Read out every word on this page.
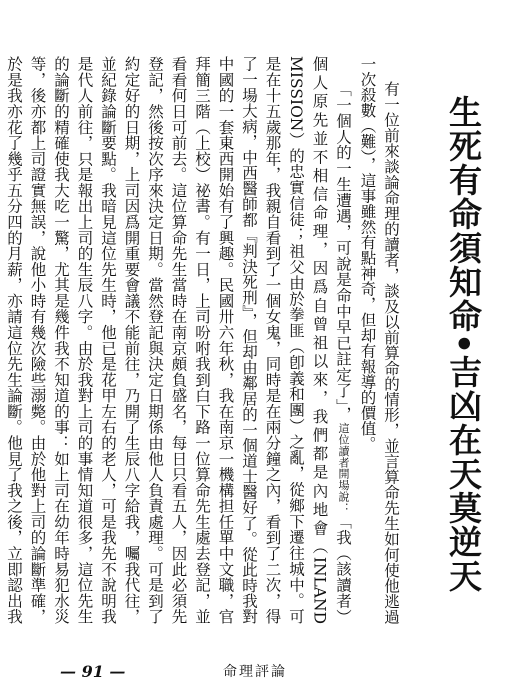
生死有命須知命•吉凶在天莫逆天

有一位前來談論命理的讀者，談及以前算命的情形，並言算命先生如何使他逃過一次殺數（難），這事雖然有點神奇，但却有報導的價值。

「一個人的一生遭遇，可說是命中早已註定了」，這位讀者開場說：「我（該讀者）個人原先並不相信命理，因爲自曾祖以來，我們都是內地會（INLAND MISSION）的忠實信徒；祖父由於拳匪（卽義和團）之亂，從鄉下遷往城中。可是在十五歲那年，我親自看到了一個女鬼，同時是在兩分鐘之內，看到了二次，得了一場大病，中西醫師都『判決死刑』，但却由鄰居的一個道士醫好了。從此時我對中國的一套東西開始有了興趣。民國卅六年秋，我在南京一機構担任單中文職，官拜簡三階（上校）祕書。有一日，上司吩咐我到白下路一位算命先生處去登記，並看看何日可前去。這位算命先生當時在南京頗負盛名，每日只看五人，因此必須先登記，然後按次序來決定日期。當然登記與決定日期係由他人負責處理。可是到了約定好的日期，上司因爲開重要會議不能前往，乃開了生辰八字給我，囑我代往，並紀錄論斷要點。我暗見這位先生時，他已是花甲左右的老人，可是我先不說明我是代人前往，只是報出上司的生辰八字。由於我對上司的事情知道很多，這位先生的論斷的精確使我大吃一驚，尤其是幾件我不知道的事：如上司在幼年時易犯水災等，後亦都上司證實無誤，說他小時有幾次險些溺斃。由於他對上司的論斷準確，於是我亦花了幾乎五分四的月薪，亦請這位先生論斷。他見了我之後，立即認出我

— 91 —	命理評論
